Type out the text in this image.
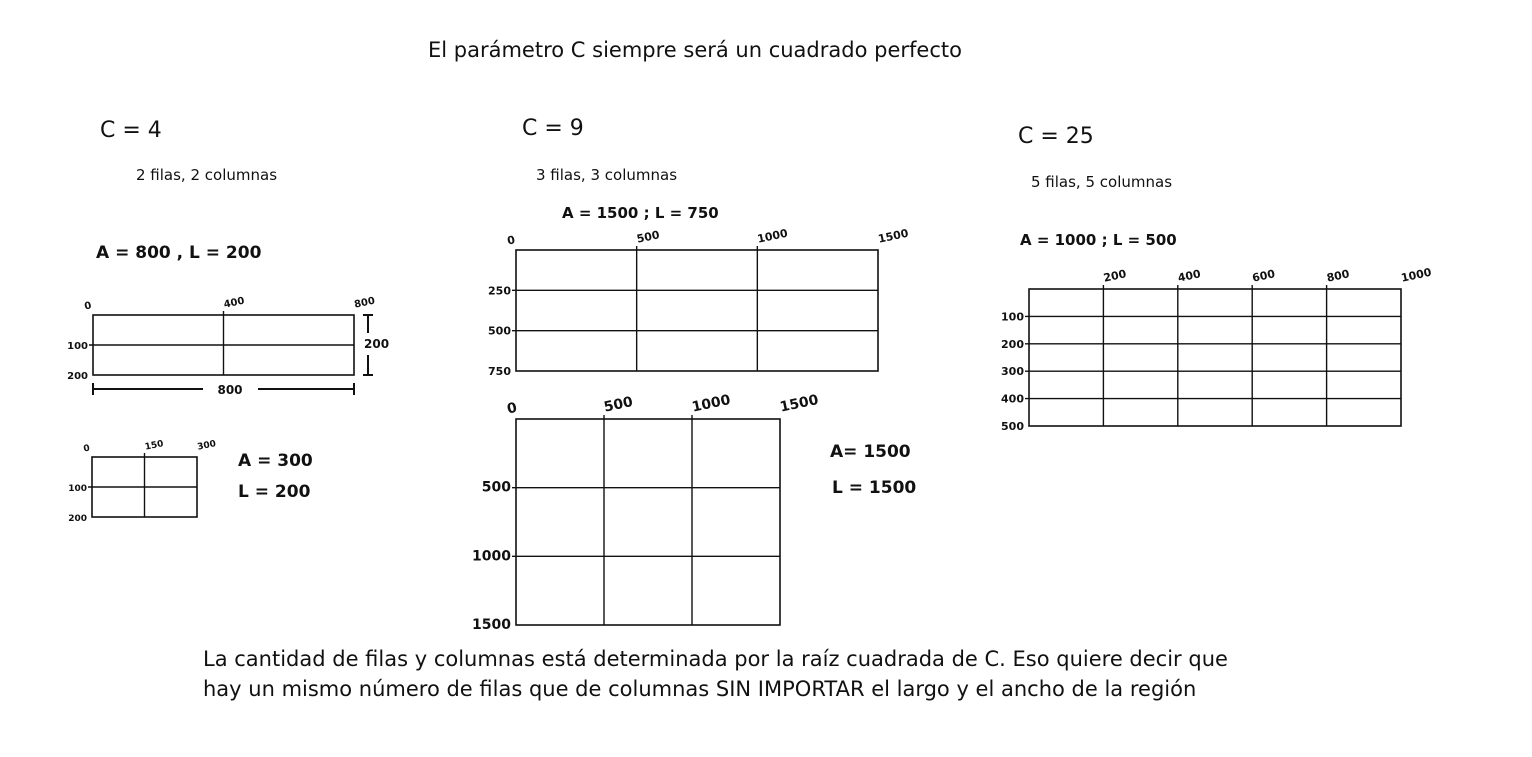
El parámetro C siempre será un cuadrado perfecto
C = 4
2 filas, 2 columnas
C = 9
3 filas, 3 columnas
C = 25
5 filas, 5 columnas
A = 800 , L = 200
A = 300
L = 200
A = 1500 ; L = 750
A= 1500
L = 1500
A = 1000 ; L = 500
0	400	800
100
200
800
200
0	150	300
100
200
0	500	1000	1500
250
500
750
0	500	1000	1500
500
1000
1500
200	400	600	800	1000
100
200
300
400
500
La cantidad de filas y columnas está determinada por la raíz cuadrada de C. Eso quiere decir que
hay un mismo número de filas que de columnas SIN IMPORTAR el largo y el ancho de la región
